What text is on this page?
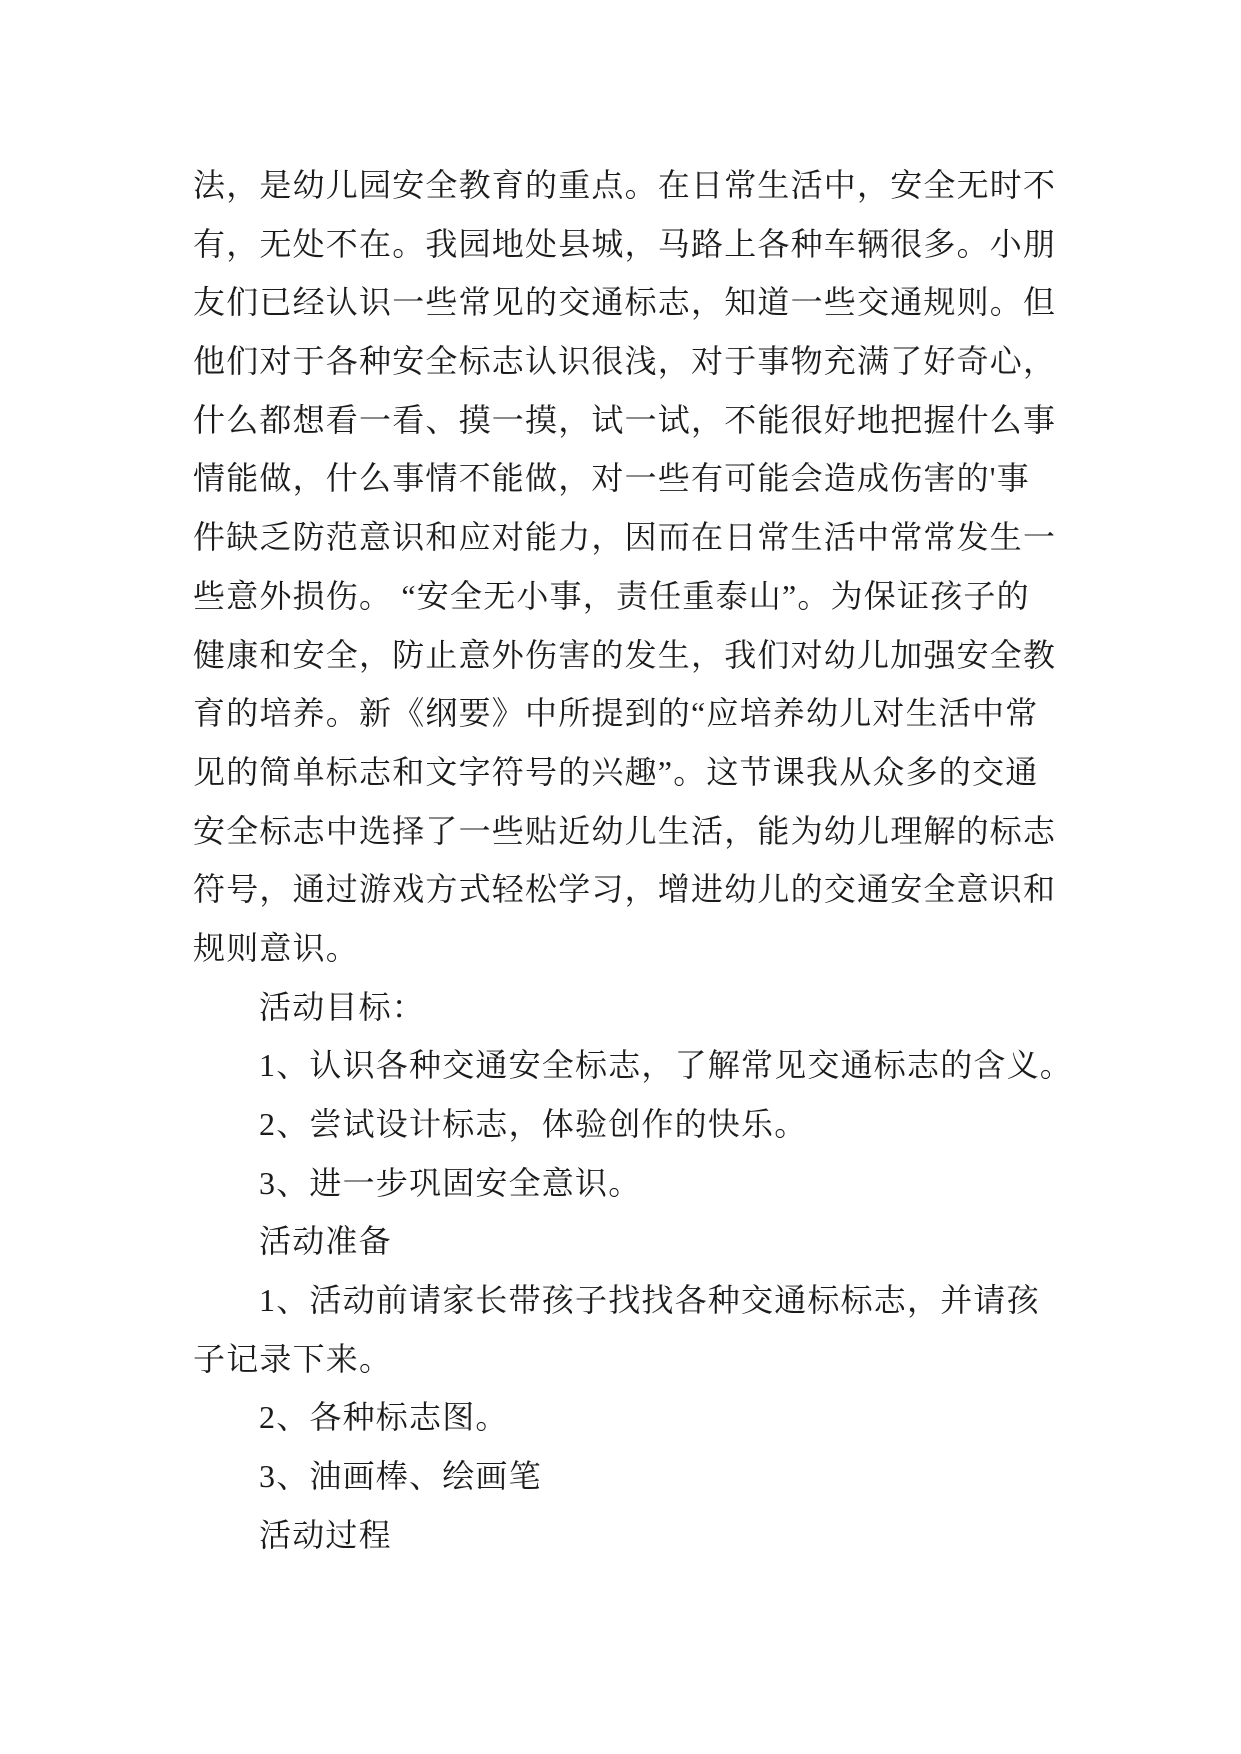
法，是幼儿园安全教育的重点。在日常生活中，安全无时不
有，无处不在。我园地处县城，马路上各种车辆很多。小朋
友们已经认识一些常见的交通标志，知道一些交通规则。但
他们对于各种安全标志认识很浅，对于事物充满了好奇心，
什么都想看一看、摸一摸，试一试，不能很好地把握什么事
情能做，什么事情不能做，对一些有可能会造成伤害的'事
件缺乏防范意识和应对能力，因而在日常生活中常常发生一
些意外损伤。 “安全无小事，责任重泰山”。为保证孩子的
健康和安全，防止意外伤害的发生，我们对幼儿加强安全教
育的培养。新《纲要》中所提到的“应培养幼儿对生活中常
见的简单标志和文字符号的兴趣”。这节课我从众多的交通
安全标志中选择了一些贴近幼儿生活，能为幼儿理解的标志
符号，通过游戏方式轻松学习，增进幼儿的交通安全意识和
规则意识。
活动目标：
1、认识各种交通安全标志，了解常见交通标志的含义。
2、尝试设计标志，体验创作的快乐。
3、进一步巩固安全意识。
活动准备
1、活动前请家长带孩子找找各种交通标标志，并请孩
子记录下来。
2、各种标志图。
3、油画棒、绘画笔
活动过程
